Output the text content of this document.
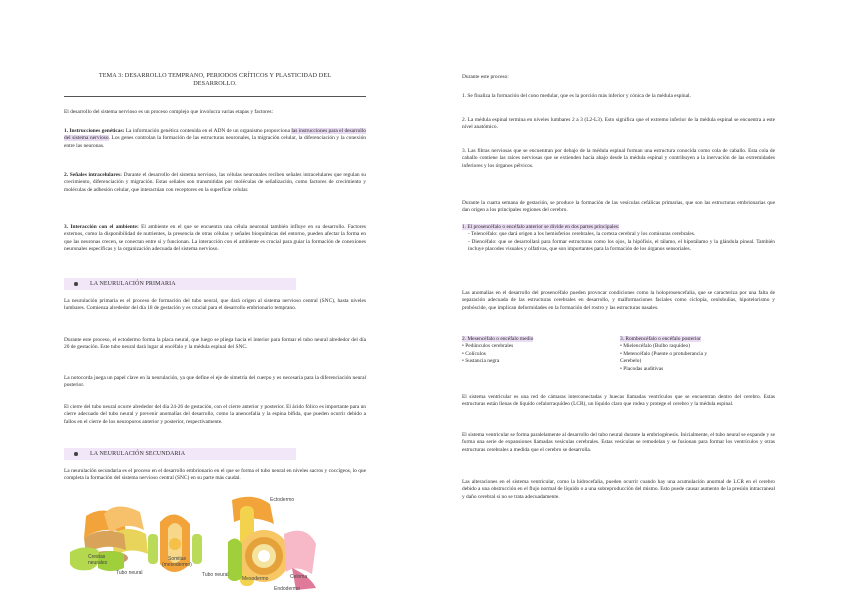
TEMA 3: DESARROLLO TEMPRANO, PERIODOS CRÍTICOS Y PLASTICIDAD DEL
DESARROLLO.

El desarrollo del sistema nervioso es un proceso complejo que involucra varias etapas y factores:

1. Instrucciones genéticas: La información genética contenida en el ADN de un organismo proporciona las instrucciones para el desarrollo del sistema nervioso. Los genes controlan la formación de las estructuras neuronales, la migración celular, la diferenciación y la conexión entre las neuronas.

2. Señales intracelulares: Durante el desarrollo del sistema nervioso, las células neuronales reciben señales intracelulares que regulan su crecimiento, diferenciación y migración. Estas señales son transmitidas por moléculas de señalización, como factores de crecimiento y moléculas de adhesión celular, que interactúan con receptores en la superficie celular.

3. Interacción con el ambiente: El ambiente en el que se encuentra una célula neuronal también influye en su desarrollo. Factores externos, como la disponibilidad de nutrientes, la presencia de otras células y señales bioquímicas del entorno, pueden afectar la forma en que las neuronas crecen, se conectan entre sí y funcionan. La interacción con el ambiente es crucial para guiar la formación de conexiones neuronales específicas y la organización adecuada del sistema nervioso.

LA NEURULACIÓN PRIMARIA

La neurulación primaria es el proceso de formación del tubo neural, que dará origen al sistema nervioso central (SNC), hasta niveles lumbares. Comienza alrededor del día 18 de gestación y es crucial para el desarrollo embrionario temprano.

Durante este proceso, el ectodermo forma la placa neural, que luego se pliega hacia el interior para formar el tubo neural alrededor del día 20 de gestación. Este tubo neural dará lugar al encéfalo y la médula espinal del SNC.

La notocorda juega un papel clave en la neurulación, ya que define el eje de simetría del cuerpo y es necesaria para la diferenciación neural posterior.

El cierre del tubo neural ocurre alrededor del día 24-26 de gestación, con el cierre anterior y posterior. El ácido fólico es importante para un cierre adecuado del tubo neural y prevenir anomalías del desarrollo, como la anencefalia y la espina bífida, que pueden ocurrir debido a fallos en el cierre de los neuroporos anterior y posterior, respectivamente.

LA NEURULACIÓN SECUNDARIA

La neurulación secundaria es el proceso en el desarrollo embrionario en el que se forma el tubo neural en niveles sacros y coccígeos, lo que completa la formación del sistema nervioso central (SNC) en su parte más caudal.

Crestas
neurales
Tubo neural
Somitas
(mesodermo)
Tubo neural
Ectodermo
Mesodermo	Celoma
Endodermo

Durante este proceso:

1. Se finaliza la formación del cono medular, que es la porción más inferior y cónica de la médula espinal.

2. La médula espinal termina en niveles lumbares 2 a 3 (L2-L3). Esto significa que el extremo inferior de la médula espinal se encuentra a este nivel anatómico.

3. Las fibras nerviosas que se encuentran por debajo de la médula espinal forman una estructura conocida como cola de caballo. Esta cola de caballo contiene las raíces nerviosas que se extienden hacia abajo desde la médula espinal y contribuyen a la inervación de las extremidades inferiores y los órganos pélvicos.

Durante la cuarta semana de gestación, se produce la formación de las vesículas cefálicas primarias, que son las estructuras embrionarias que dan origen a los principales regiones del cerebro.

1. El prosencéfalo o encéfalo anterior se divide en dos partes principales:
- Telencéfalo: que dará origen a los hemisferios cerebrales, la corteza cerebral y los comisuras cerebrales.
- Diencéfalo: que se desarrollará para formar estructuras como los ojos, la hipófisis, el tálamo, el hipotálamo y la glándula pineal. También incluye placodes visuales y olfativas, que son importantes para la formación de los órganos sensoriales.

Las anomalías en el desarrollo del prosencéfalo pueden provocar condiciones como la holoprosencefalia, que se caracteriza por una falta de separación adecuada de las estructuras cerebrales en desarrollo, y malformaciones faciales como ciclopía, cenlobulias, hipotelorismo y probóscide, que implican deformidades en la formación del rostro y las estructuras nasales.

2. Mesencéfalo o encéfalo medio
• Pedúnculos cerebrales
• Colículos
• Sustancia negra
3. Rombencéfalo o encéfalo posterior
• Mielencéfalo (Bulbo raquídeo)
• Metencéfalo (Puente o protuberancia y
Cerebelo)
• Placodas auditivas

El sistema ventricular es una red de cámaras interconectadas y huecas llamadas ventrículos que se encuentran dentro del cerebro. Estas estructuras están llenas de líquido cefalorraquídeo (LCR), un líquido claro que rodea y protege el cerebro y la médula espinal.

El sistema ventricular se forma paralelamente al desarrollo del tubo neural durante la embriogénesis. Inicialmente, el tubo neural se expande y se forma una serie de expansiones llamadas vesículas cerebrales. Estas vesículas se remodelan y se fusionan para formar los ventrículos y otras estructuras cerebrales a medida que el cerebro se desarrolla.

Las alteraciones en el sistema ventricular, como la hidrocefalia, pueden ocurrir cuando hay una acumulación anormal de LCR en el cerebro debido a una obstrucción en el flujo normal de líquido o a una sobreproducción del mismo. Esto puede causar aumento de la presión intracraneal y daño cerebral si no se trata adecuadamente.
